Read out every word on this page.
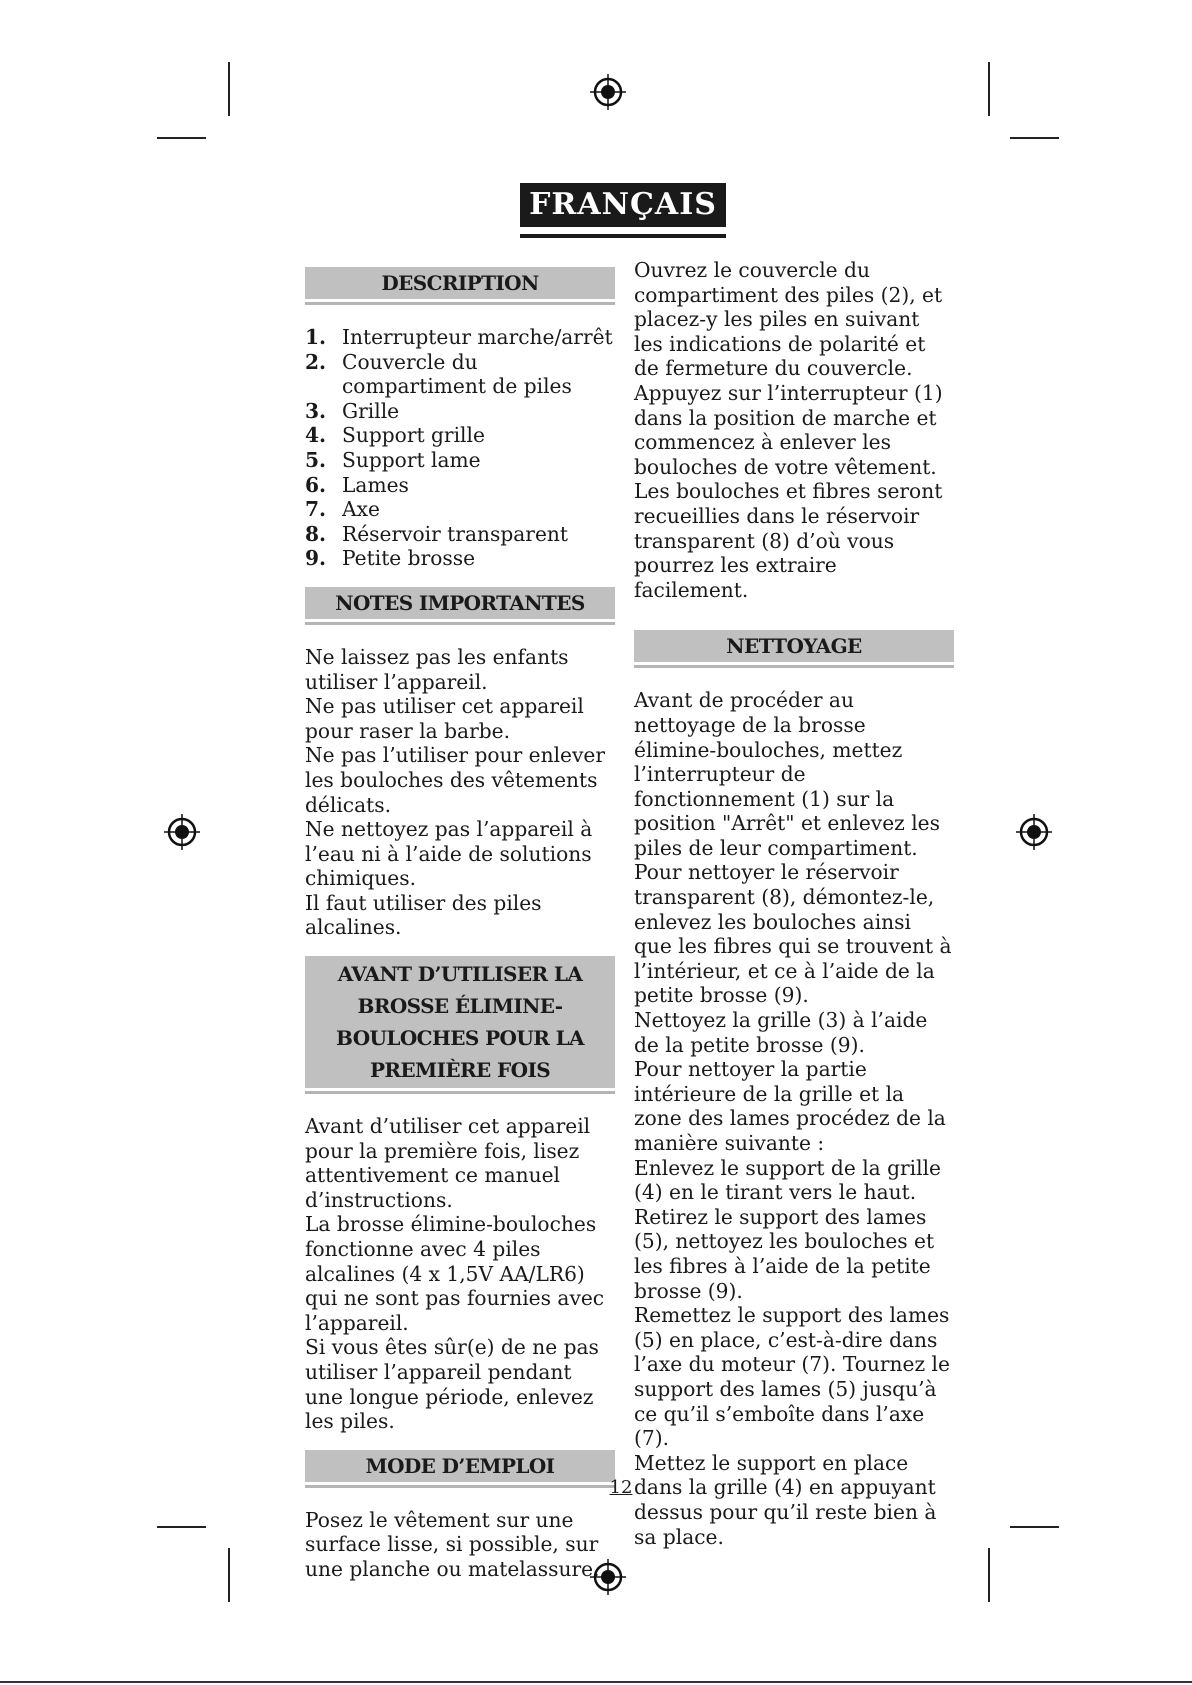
FRANÇAIS
DESCRIPTION
1. Interrupteur marche/arrêt
2. Couvercle du compartiment de piles
3. Grille
4. Support grille
5. Support lame
6. Lames
7. Axe
8. Réservoir transparent
9. Petite brosse
NOTES IMPORTANTES

Ne laissez pas les enfants utiliser l’appareil.

Ne pas utiliser cet appareil pour raser la barbe.

Ne pas l’utiliser pour enlever les bouloches des vêtements délicats.

Ne nettoyez pas l’appareil à l’eau ni à l’aide de solutions chimiques.

Il faut utiliser des piles alcalines.

AVANT D’UTILISER LA BROSSE ÉLIMINE-BOULOCHES POUR LA PREMIÈRE FOIS

Avant d’utiliser cet appareil pour la première fois, lisez attentivement ce manuel d’instructions.

La brosse élimine-bouloches fonctionne avec 4 piles alcalines (4 x 1,5V AA/LR6) qui ne sont pas fournies avec l’appareil.

Si vous êtes sûr(e) de ne pas utiliser l’appareil pendant une longue période, enlevez les piles.

MODE D’EMPLOI

Posez le vêtement sur une surface lisse, si possible, sur une planche ou matelassure.

Ouvrez le couvercle du compartiment des piles (2), et placez-y les piles en suivant les indications de polarité et de fermeture du couvercle.

Appuyez sur l’interrupteur (1) dans la position de marche et commencez à enlever les bouloches de votre vêtement.

Les bouloches et fibres seront recueillies dans le réservoir transparent (8) d’où vous pourrez les extraire facilement.

NETTOYAGE

Avant de procéder au nettoyage de la brosse élimine-bouloches, mettez l’interrupteur de fonctionnement (1) sur la position "Arrêt" et enlevez les piles de leur compartiment.

Pour nettoyer le réservoir transparent (8), démontez-le, enlevez les bouloches ainsi que les fibres qui se trouvent à l’intérieur, et ce à l’aide de la petite brosse (9).

Nettoyez la grille (3) à l’aide de la petite brosse (9).

Pour nettoyer la partie intérieure de la grille et la zone des lames procédez de la manière suivante :

Enlevez le support de la grille (4) en le tirant vers le haut.

Retirez le support des lames (5), nettoyez les bouloches et les fibres à l’aide de la petite brosse (9).

Remettez le support des lames (5) en place, c’est-à-dire dans l’axe du moteur (7). Tournez le support des lames (5) jusqu’à ce qu’il s’emboîte dans l’axe (7).

Mettez le support en place dans la grille (4) en appuyant dessus pour qu’il reste bien à sa place.

12
